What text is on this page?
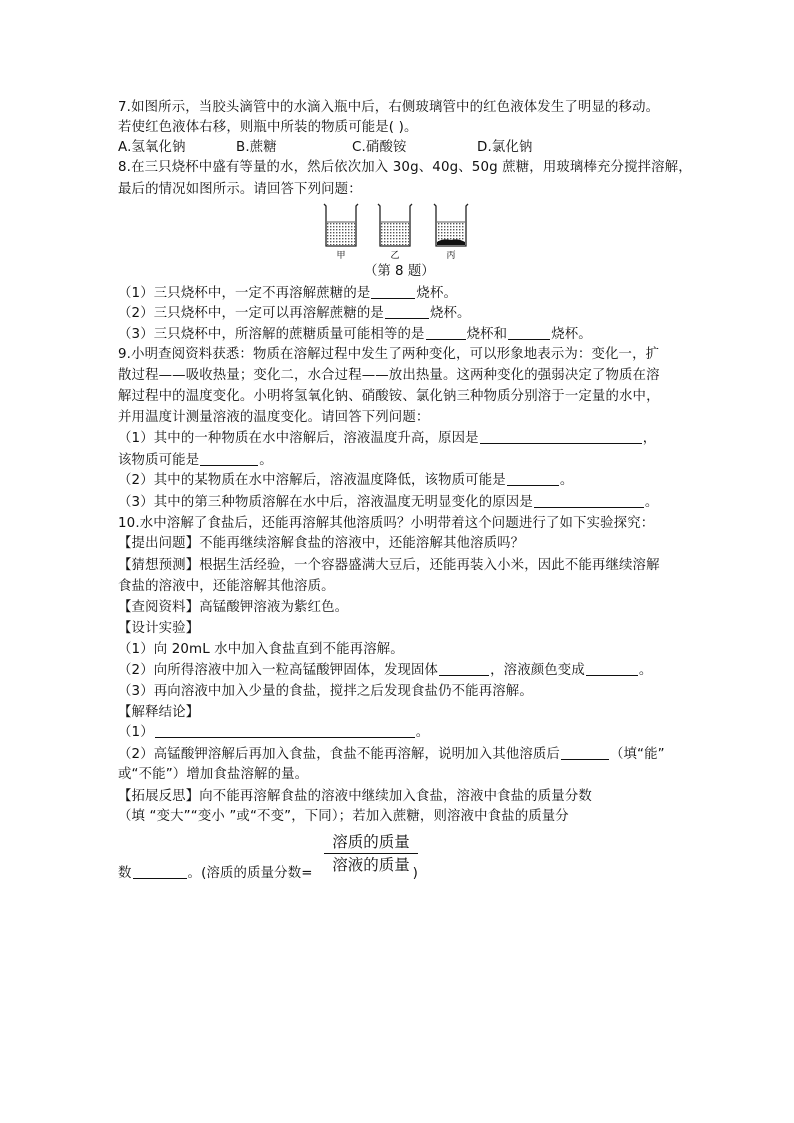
7.如图所示，当胶头滴管中的水滴入瓶中后，右侧玻璃管中的红色液体发生了明显的移动。
若使红色液体右移，则瓶中所装的物质可能是( )。
A.氢氧化钠	B.蔗糖	C.硝酸铵	D.氯化钠
8.在三只烧杯中盛有等量的水，然后依次加入 30g、40g、50g 蔗糖，用玻璃棒充分搅拌溶解，
最后的情况如图所示。请回答下列问题：
甲	乙	丙
（第 8 题）
（1）三只烧杯中，一定不再溶解蔗糖的是	烧杯。
（2）三只烧杯中，一定可以再溶解蔗糖的是	烧杯。
（3）三只烧杯中，所溶解的蔗糖质量可能相等的是	烧杯和	烧杯。
9.小明查阅资料获悉：物质在溶解过程中发生了两种变化，可以形象地表示为：变化一，扩
散过程——吸收热量；变化二，水合过程——放出热量。这两种变化的强弱决定了物质在溶
解过程中的温度变化。小明将氢氧化钠、硝酸铵、氯化钠三种物质分别溶于一定量的水中，
并用温度计测量溶液的温度变化。请回答下列问题：
（1）其中的一种物质在水中溶解后，溶液温度升高，原因是	，
该物质可能是	。
（2）其中的某物质在水中溶解后，溶液温度降低，该物质可能是	。
（3）其中的第三种物质溶解在水中后，溶液温度无明显变化的原因是	。
10.水中溶解了食盐后，还能再溶解其他溶质吗？小明带着这个问题进行了如下实验探究：
【提出问题】不能再继续溶解食盐的溶液中，还能溶解其他溶质吗？
【猜想预测】根据生活经验，一个容器盛满大豆后，还能再装入小米，因此不能再继续溶解
食盐的溶液中，还能溶解其他溶质。
【查阅资料】高锰酸钾溶液为紫红色。
【设计实验】
（1）向 20mL 水中加入食盐直到不能再溶解。
（2）向所得溶液中加入一粒高锰酸钾固体，发现固体	，溶液颜色变成	。
（3）再向溶液中加入少量的食盐，搅拌之后发现食盐仍不能再溶解。
【解释结论】
（1）	。
（2）高锰酸钾溶解后再加入食盐，食盐不能再溶解，说明加入其他溶质后	（填“能”
或“不能”）增加食盐溶解的量。
【拓展反思】向不能再溶解食盐的溶液中继续加入食盐，溶液中食盐的质量分数
（填 “变大”“变小 ”或“不变”，下同）；若加入蔗糖，则溶液中食盐的质量分
溶质的质量
溶液的质量
数	。(溶质的质量分数=	)
